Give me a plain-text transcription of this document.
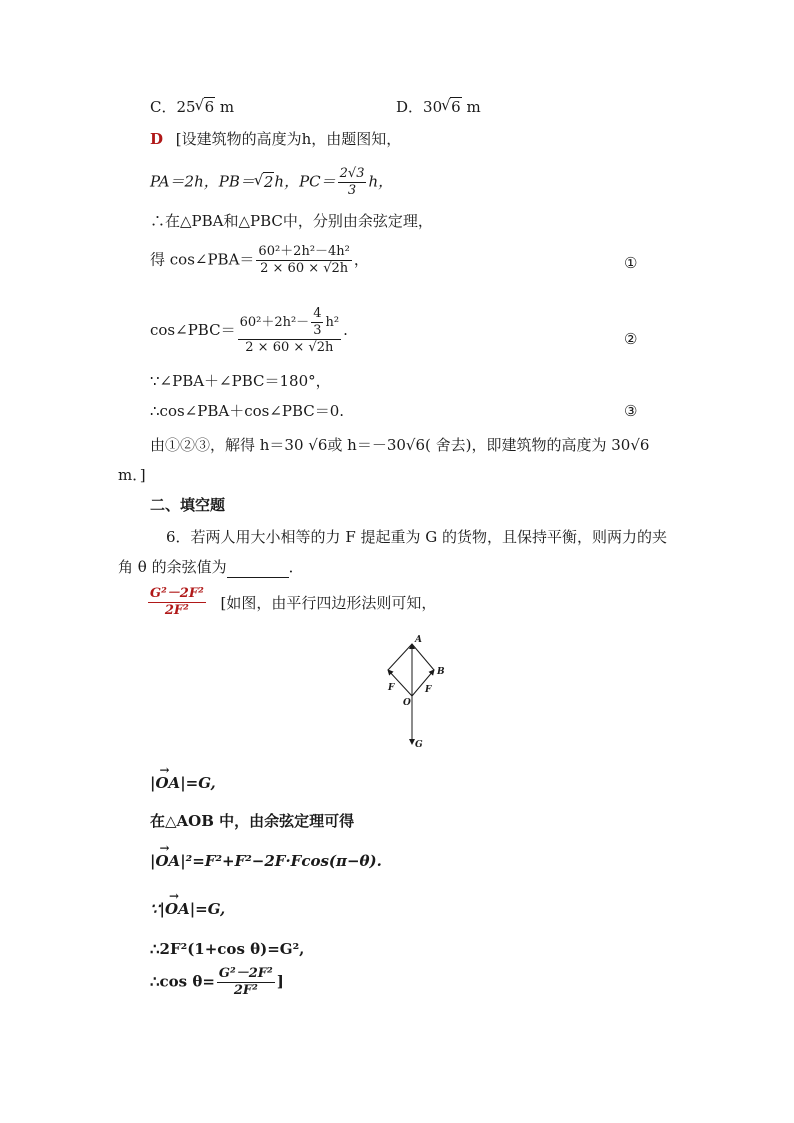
C．25 √ 6 m	D．30 √ 6 m
D [设建筑物的高度为h，由题图知，
PA＝2h，PB＝ √ 2h，$PC= \frac{2√3}{3}$ h，
∴在△PBA和△PBC中，分别由余弦定理，
得 cos∠PBA＝ $\frac{\text{60²＋2h²－4h²}}{2 \times 60 \times √2h}$ ，	①
cos∠PBC＝ $\frac{60^2+2h^2- \frac{4}{3} h^2}{2 \times 60 \times √2h}$ .	②
∵∠PBA＋∠PBC＝180°，
∴cos∠PBA＋cos∠PBC＝0.	③
由①②③，解得 h＝30 √6或 h＝－30√6( 舍去)，即建筑物的高度为 30√6
m．]
二、填空题
6．若两人用大小相等的力 F 提起重为 G 的货物，且保持平衡，则两力的夹
角 θ 的余弦值为	．
$\frac{\text{G²－2F²}}{\text{2F²}}$ [如图，由平行四边形法则可知，
A
B
O
G
F	F
|→ OA|=G,
在△AOB 中，由余弦定理可得
|→ OA|²=F²+F²−2F·Fcos(π−θ).
∵|→ OA|=G,
∴2F²(1+cos θ)=G²,
∴cos $\theta= \frac{\text{G²－2F²}}{\text{2F²}}$ ]
